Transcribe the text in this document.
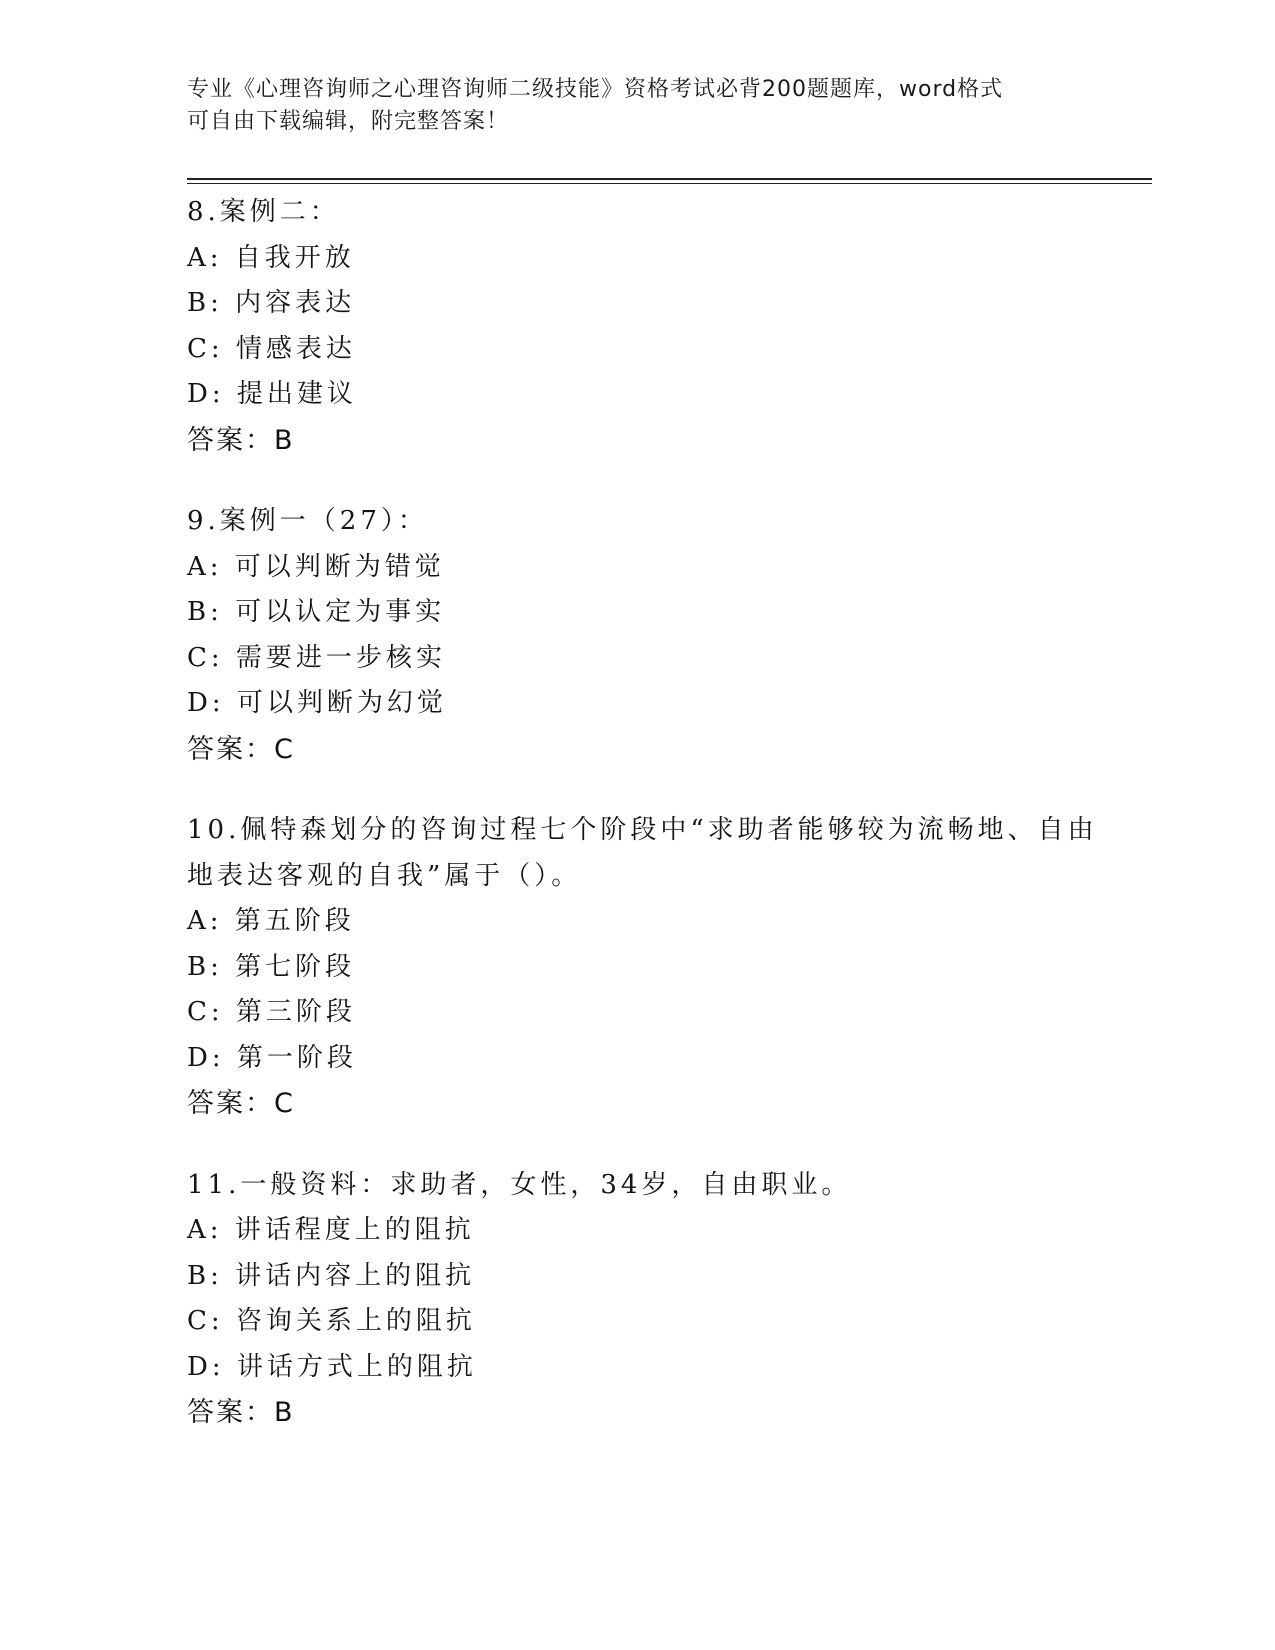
专业《心理咨询师之心理咨询师二级技能》资格考试必背200题题库，word格式
可自由下载编辑，附完整答案！
8.案例二：
A: 自我开放
B: 内容表达
C: 情感表达
D: 提出建议
答案：B
9.案例一（27）：
A: 可以判断为错觉
B: 可以认定为事实
C: 需要进一步核实
D: 可以判断为幻觉
答案：C
10.佩特森划分的咨询过程七个阶段中“求助者能够较为流畅地、自由
地表达客观的自我”属于（）。
A: 第五阶段
B: 第七阶段
C: 第三阶段
D: 第一阶段
答案：C
11.一般资料：求助者，女性，34岁，自由职业。
A: 讲话程度上的阻抗
B: 讲话内容上的阻抗
C: 咨询关系上的阻抗
D: 讲话方式上的阻抗
答案：B
